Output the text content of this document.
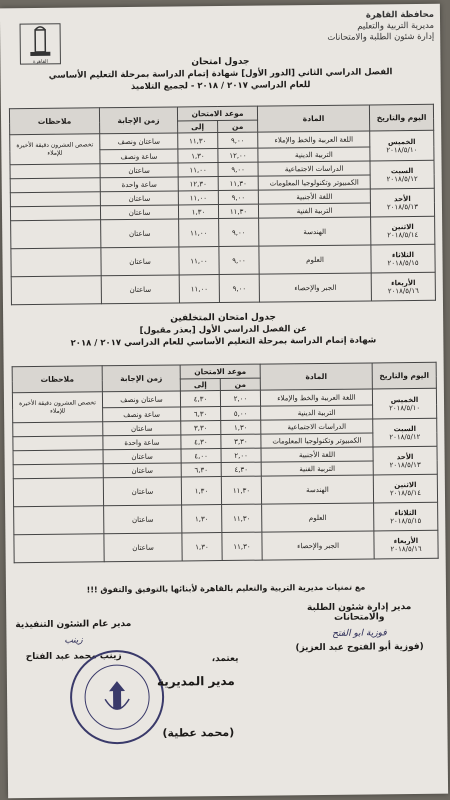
القاهرة
محافظة القاهرة
مديرية التربية والتعليم
إدارة شئون الطلبة والامتحانات
جدول امتحان
الفصل الدراسي الثاني [الدور الأول] شهادة إتمام الدراسة بمرحلة التعليم الأساسي
للعام الدراسي ٢٠١٧ / ٢٠١٨ - لجميع التلاميذ
اليوم والتاريخ	المادة	موعد الامتحان		زمن الإجابة	ملاحظات
		من	إلى		

الخميس
٢٠١٨/٥/١٠	اللغة العربية والخط والإملاء	٩,٠٠	١١,٣٠	ساعتان ونصف	تخصص العشرون دقيقة الأخيرة للإملاء
	التربية الدينية	١٢,٠٠	١,٣٠	ساعة ونصف	

السبت
٢٠١٨/٥/١٢	الدراسات الاجتماعية	٩,٠٠	١١,٠٠	ساعتان	
	الكمبيوتر وتكنولوجيا المعلومات	١١,٣٠	١٢,٣٠	ساعة واحدة	

الأحد
٢٠١٨/٥/١٣	اللغة الأجنبية	٩,٠٠	١١,٠٠	ساعتان	
	التربية الفنية	١١,٣٠	١,٣٠	ساعتان	

الاثنين
٢٠١٨/٥/١٤	الهندسة	٩,٠٠	١١,٠٠	ساعتان	

الثلاثاء
٢٠١٨/٥/١٥	العلوم	٩,٠٠	١١,٠٠	ساعتان	

الأربعاء
٢٠١٨/٥/١٦	الجبر والإحصاء	٩,٠٠	١١,٠٠	ساعتان	
جدول امتحان المتخلفين
عن الفصل الدراسي الأول [بعذر مقبول]
شهادة إتمام الدراسة بمرحلة التعليم الأساسي للعام الدراسي ٢٠١٧ / ٢٠١٨
اليوم والتاريخ	المادة	موعد الامتحان		زمن الإجابة	ملاحظات
		من	إلى		

الخميس
٢٠١٨/٥/١٠	اللغة العربية والخط والإملاء	٢,٠٠	٤,٣٠	ساعتان ونصف	تخصص العشرون دقيقة الأخيرة للإملاء
	التربية الدينية	٥,٠٠	٦,٣٠	ساعة ونصف	

السبت
٢٠١٨/٥/١٢	الدراسات الاجتماعية	١,٣٠	٣,٣٠	ساعتان	
	الكمبيوتر وتكنولوجيا المعلومات	٣,٣٠	٤,٣٠	ساعة واحدة	

الأحد
٢٠١٨/٥/١٣	اللغة الأجنبية	٢,٠٠	٤,٠٠	ساعتان	
	التربية الفنية	٤,٣٠	٦,٣٠	ساعتان	

الاثنين
٢٠١٨/٥/١٤	الهندسة	١١,٣٠	١,٣٠	ساعتان	

الثلاثاء
٢٠١٨/٥/١٥	العلوم	١١,٣٠	١,٣٠	ساعتان	

الأربعاء
٢٠١٨/٥/١٦	الجبر والإحصاء	١١,٣٠	١,٣٠	ساعتان	
مع تمنيات مديرية التربية والتعليم بالقاهرة لأبنائها بالتوفيق والتفوق !!!
مدير إدارة شئون الطلبة والامتحانات
فوزية ابو الفتح
(فوزية أبو الفتوح عبد العزيز)
يعتمد،
مدير عام الشئون التنفيذية
زينب
زينب محمد عبد الفتاح
مدير المديرية
(محمد عطية)
